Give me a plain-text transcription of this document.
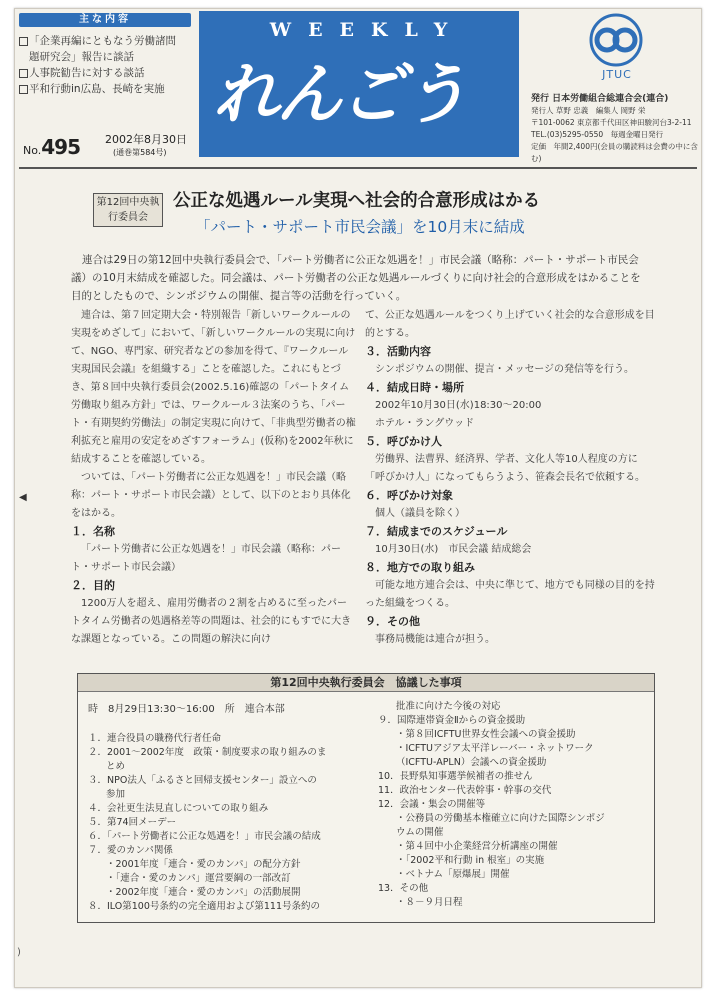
主な内容
「企業再編にともなう労働諸問
題研究会」報告に談話
人事院勧告に対する談話
平和行動in広島、長崎を実施
WEEKLY
れんごう
No.495 2002年8月30日
(通巻第584号)
JTUC
発行 日本労働組合総連合会(連合)
発行人 草野 忠義　編集人 岡野 栄
〒101-0062 東京都千代田区神田駿河台3-2-11
TEL.(03)5295-0550　毎週金曜日発行
定価　年間2,400円(会員の購読料は会費の中に含む)
第12回中央執行委員会
公正な処遇ルール実現へ社会的合意形成はかる
「パート・サポート市民会議」を10月末に結成

連合は29日の第12回中央執行委員会で、「パート労働者に公正な処遇を！」市民会議（略称：パート・サポート市民会議）の10月末結成を確認した。同会議は、パート労働者の公正な処遇ルールづくりに向け社会的合意形成をはかることを目的としたもので、シンポジウムの開催、提言等の活動を行っていく。

連合は、第７回定期大会・特別報告「新しいワークルールの実現をめざして」において、「新しいワークルールの実現に向けて、NGO、専門家、研究者などの参加を得て、『ワークルール実現国民会議』を組織する」ことを確認した。これにもとづき、第８回中央執行委員会(2002.5.16)確認の「パートタイム労働取り組み方針」では、ワークルール３法案のうち、「パート・有期契約労働法」の制定実現に向けて、「非典型労働者の権利拡充と雇用の安定をめざすフォーラム」(仮称)を2002年秋に結成することを確認している。

ついては、「パート労働者に公正な処遇を！」市民会議（略称：パート・サポート市民会議）として、以下のとおり具体化をはかる。

１．名称

「パート労働者に公正な処遇を！」市民会議（略称：パート・サポート市民会議）

２．目的

1200万人を超え、雇用労働者の２割を占めるに至ったパートタイム労働者の処遇格差等の問題は、社会的にもすでに大きな課題となっている。この問題の解決に向け

て、公正な処遇ルールをつくり上げていく社会的な合意形成を目的とする。

３．活動内容

シンポジウムの開催、提言・メッセージの発信等を行う。

４．結成日時・場所

2002年10月30日(水)18:30～20:00

ホテル・ラングウッド

５．呼びかけ人

労働界、法曹界、経済界、学者、文化人等10人程度の方に「呼びかけ人」になってもらうよう、笹森会長名で依頼する。

６．呼びかけ対象

個人（議員を除く）

７．結成までのスケジュール

10月30日(水)　市民会議 結成総会

８．地方での取り組み

可能な地方連合会は、中央に準じて、地方でも同様の目的を持った組織をつくる。

９．その他

事務局機能は連合が担う。

◀
第12回中央執行委員会　協議した事項
時　8月29日13:30～16:00　所　連合本部
１．連合役員の職務代行者任命
２．2001～2002年度　政策・制度要求の取り組みのま
とめ
３．NPO法人「ふるさと回帰支援センター」設立への
参加
４．会社更生法見直しについての取り組み
５．第74回メーデー
６．「パート労働者に公正な処遇を！」市民会議の結成
７．愛のカンパ関係
・2001年度「連合・愛のカンパ」の配分方針
・「連合・愛のカンパ」運営要綱の一部改訂
・2002年度「連合・愛のカンパ」の活動展開
８．ILO第100号条約の完全適用および第111号条約の
批准に向けた今後の対応
９．国際連帯資金Ⅱからの資金援助
・第８回ICFTU世界女性会議への資金援助
・ICFTUアジア太平洋レーバー・ネットワーク
（ICFTU-APLN）会議への資金援助
10．長野県知事選挙候補者の推せん
11．政治センター代表幹事・幹事の交代
12．会議・集会の開催等
・公務員の労働基本権確立に向けた国際シンポジ
ウムの開催
・第４回中小企業経営分析講座の開催
・「2002平和行動 in 根室」の実施
・ベトナム「原爆展」開催
13．その他
・８－９月日程
)
